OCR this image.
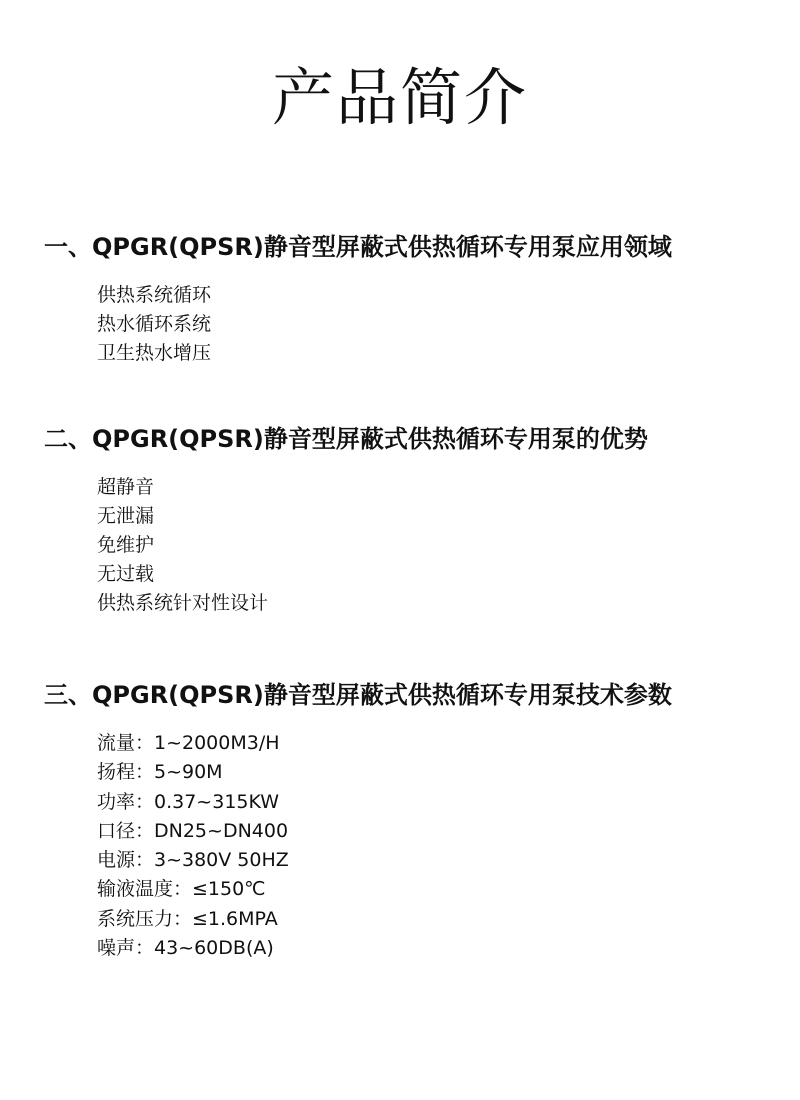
产品简介
一、QPGR(QPSR)静音型屏蔽式供热循环专用泵应用领域
供热系统循环
热水循环系统
卫生热水增压
二、QPGR(QPSR)静音型屏蔽式供热循环专用泵的优势
超静音
无泄漏
免维护
无过载
供热系统针对性设计
三、QPGR(QPSR)静音型屏蔽式供热循环专用泵技术参数
流量：1~2000M3/H
扬程：5~90M
功率：0.37~315KW
口径：DN25~DN400
电源：3~380V 50HZ
输液温度：≤150℃
系统压力：≤1.6MPA
噪声：43~60DB(A)
